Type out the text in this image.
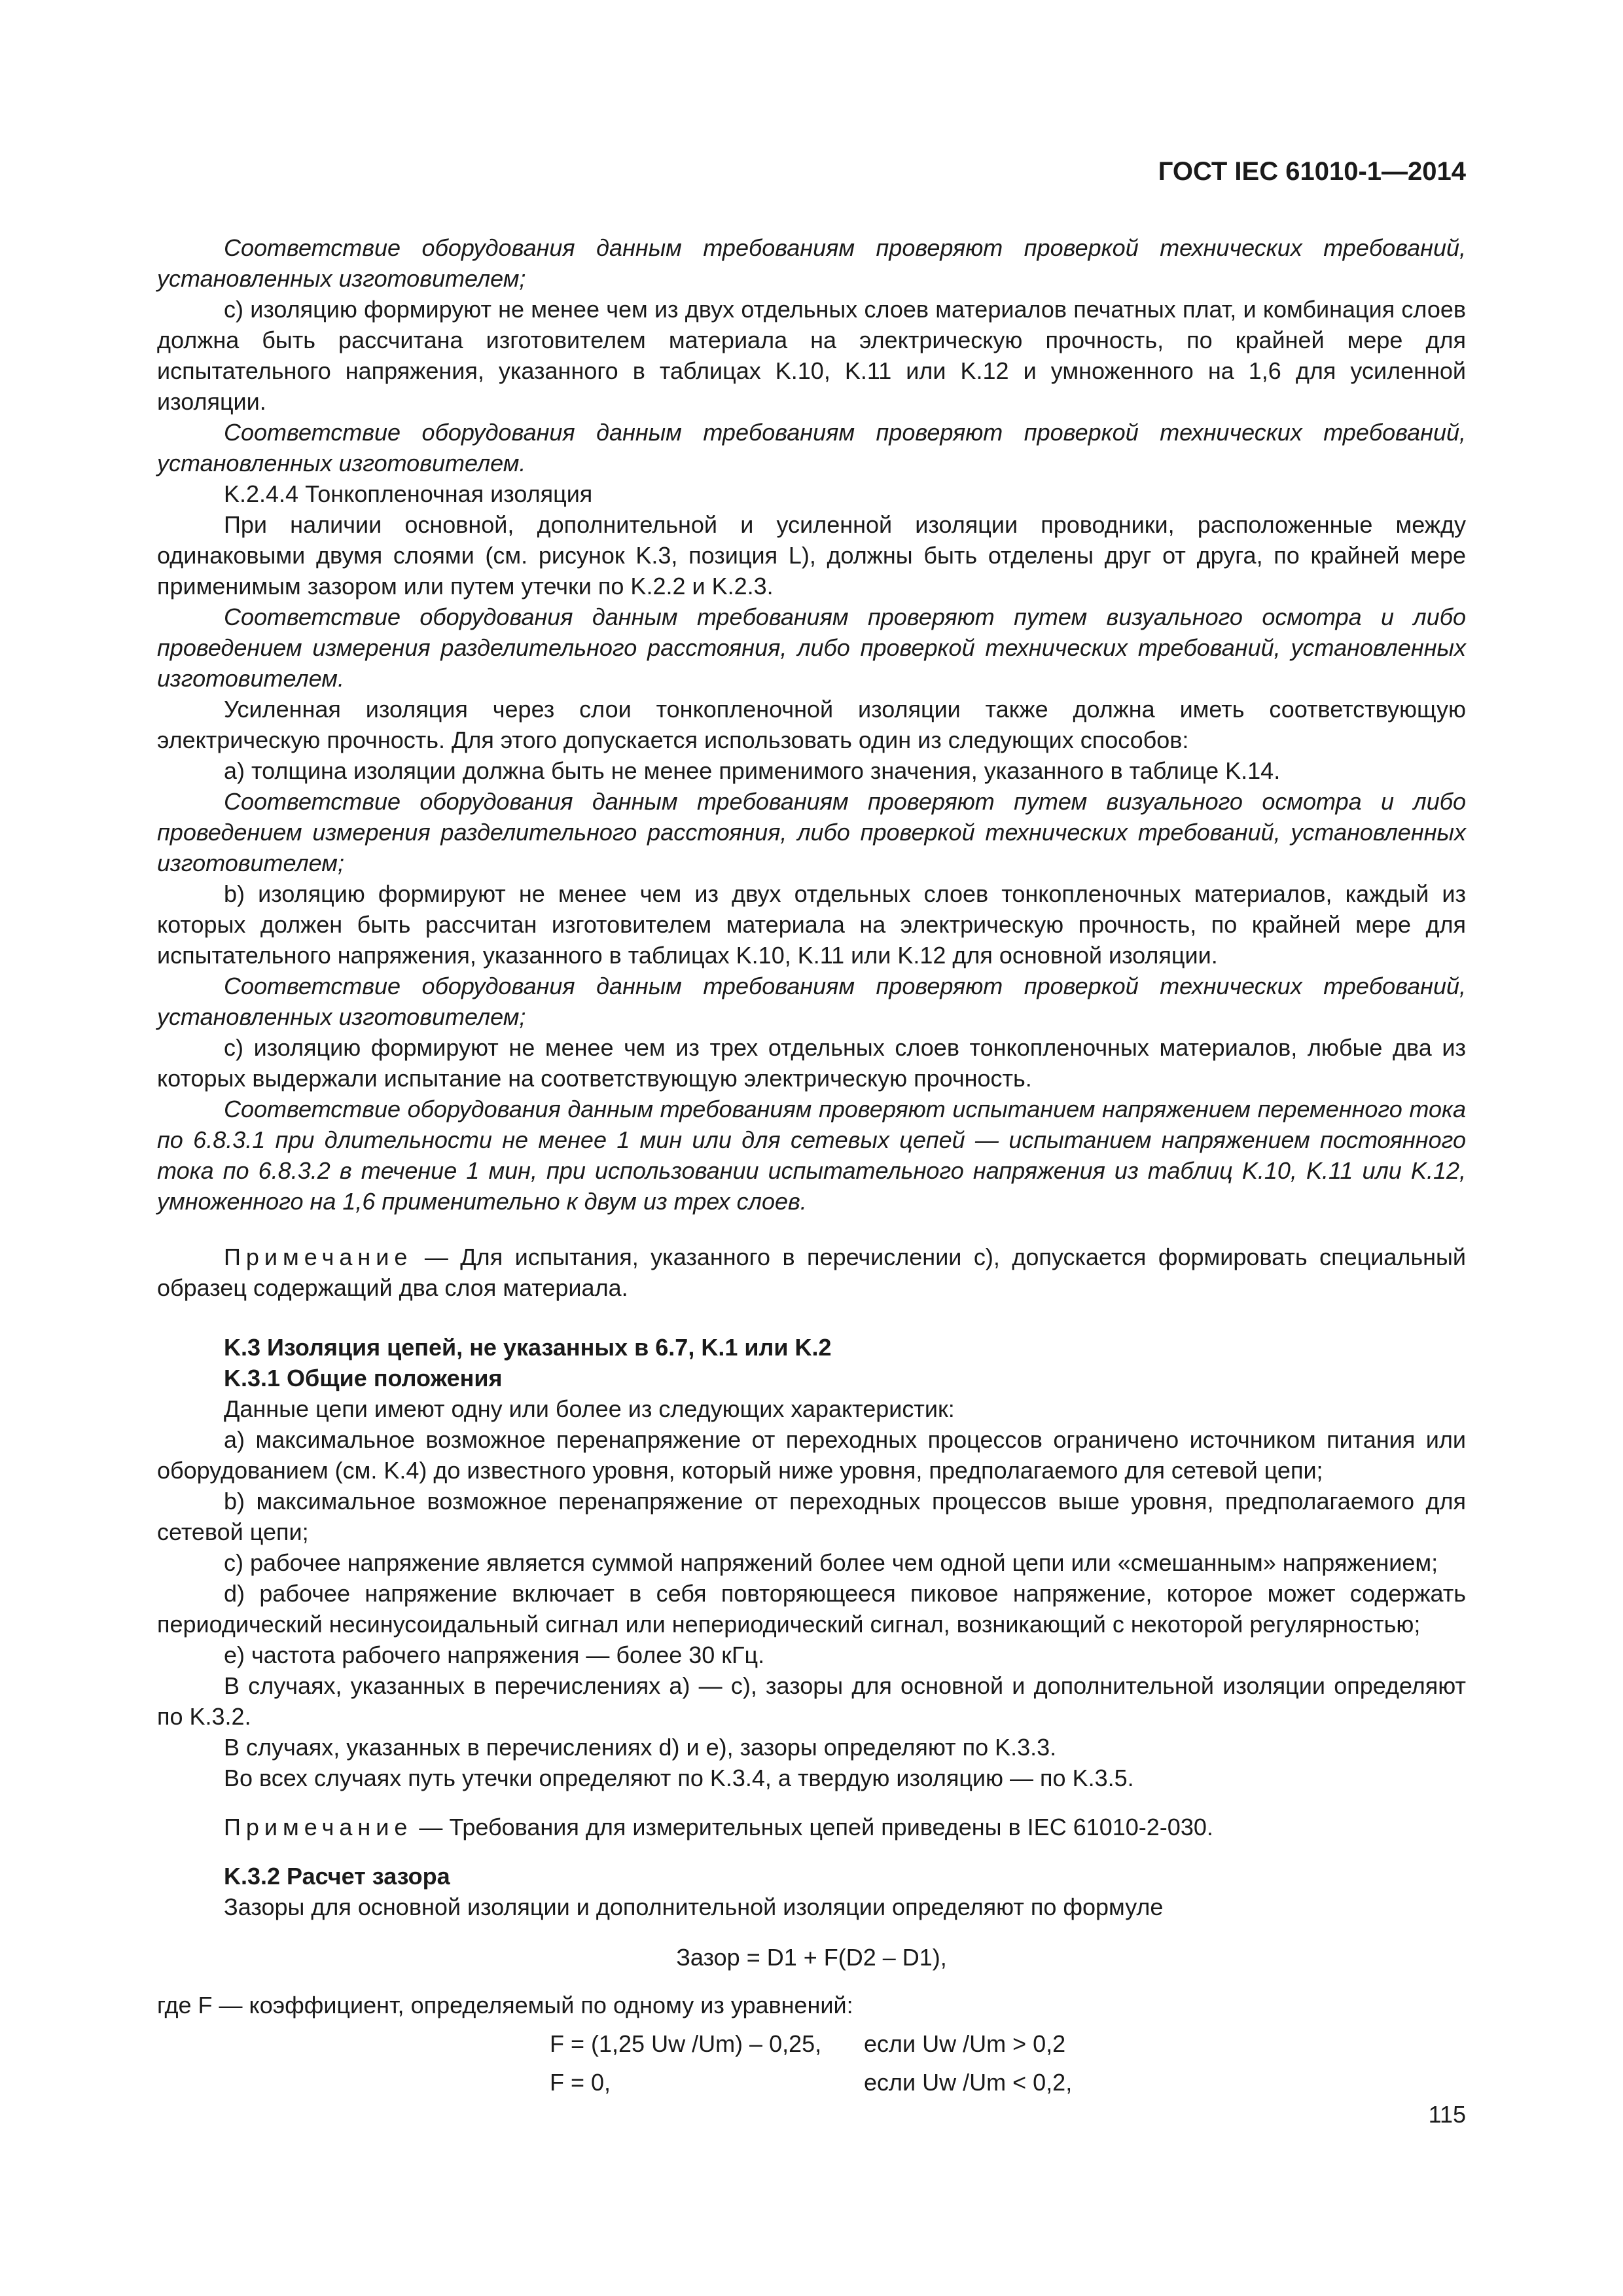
ГОСТ IEC 61010-1—2014

Соответствие оборудования данным требованиям проверяют проверкой технических требований, установленных изготовителем;

c) изоляцию формируют не менее чем из двух отдельных слоев материалов печатных плат, и комбинация слоев должна быть рассчитана изготовителем материала на электрическую прочность, по крайней мере для испытательного напряжения, указанного в таблицах K.10, K.11 или K.12 и умноженного на 1,6 для усиленной изоляции.

Соответствие оборудования данным требованиям проверяют проверкой технических требований, установленных изготовителем.

K.2.4.4 Тонкопленочная изоляция

При наличии основной, дополнительной и усиленной изоляции проводники, расположенные между одинаковыми двумя слоями (см. рисунок K.3, позиция L), должны быть отделены друг от друга, по крайней мере применимым зазором или путем утечки по K.2.2 и K.2.3.

Соответствие оборудования данным требованиям проверяют путем визуального осмотра и либо проведением измерения разделительного расстояния, либо проверкой технических требований, установленных изготовителем.

Усиленная изоляция через слои тонкопленочной изоляции также должна иметь соответствующую электрическую прочность. Для этого допускается использовать один из следующих способов:

a) толщина изоляции должна быть не менее применимого значения, указанного в таблице K.14.

Соответствие оборудования данным требованиям проверяют путем визуального осмотра и либо проведением измерения разделительного расстояния, либо проверкой технических требований, установленных изготовителем;

b) изоляцию формируют не менее чем из двух отдельных слоев тонкопленочных материалов, каждый из которых должен быть рассчитан изготовителем материала на электрическую прочность, по крайней мере для испытательного напряжения, указанного в таблицах K.10, K.11 или K.12 для основной изоляции.

Соответствие оборудования данным требованиям проверяют проверкой технических требований, установленных изготовителем;

c) изоляцию формируют не менее чем из трех отдельных слоев тонкопленочных материалов, любые два из которых выдержали испытание на соответствующую электрическую прочность.

Соответствие оборудования данным требованиям проверяют испытанием напряжением переменного тока по 6.8.3.1 при длительности не менее 1 мин или для сетевых цепей — испытанием напряжением постоянного тока по 6.8.3.2 в течение 1 мин, при использовании испытательного напряжения из таблиц K.10, K.11 или K.12, умноженного на 1,6 применительно к двум из трех слоев.

Примечание — Для испытания, указанного в перечислении c), допускается формировать специальный образец содержащий два слоя материала.

K.3 Изоляция цепей, не указанных в 6.7, K.1 или K.2

K.3.1 Общие положения

Данные цепи имеют одну или более из следующих характеристик:

a) максимальное возможное перенапряжение от переходных процессов ограничено источником питания или оборудованием (см. K.4) до известного уровня, который ниже уровня, предполагаемого для сетевой цепи;

b) максимальное возможное перенапряжение от переходных процессов выше уровня, предполагаемого для сетевой цепи;

c) рабочее напряжение является суммой напряжений более чем одной цепи или «смешанным» напряжением;

d) рабочее напряжение включает в себя повторяющееся пиковое напряжение, которое может содержать периодический несинусоидальный сигнал или непериодический сигнал, возникающий с некоторой регулярностью;

e) частота рабочего напряжения — более 30 кГц.

В случаях, указанных в перечислениях a) — c), зазоры для основной и дополнительной изоляции определяют по K.3.2.

В случаях, указанных в перечислениях d) и e), зазоры определяют по K.3.3.

Во всех случаях путь утечки определяют по K.3.4, а твердую изоляцию — по K.3.5.

Примечание — Требования для измерительных цепей приведены в IEC 61010-2-030.

K.3.2 Расчет зазора

Зазоры для основной изоляции и дополнительной изоляции определяют по формуле

Зазор = D1 + F(D2 – D1),

где F — коэффициент, определяемый по одному из уравнений:

F = (1,25 Uw /Um) – 0,25, если Uw /Um > 0,2

F = 0,	если Uw /Um < 0,2,

115
